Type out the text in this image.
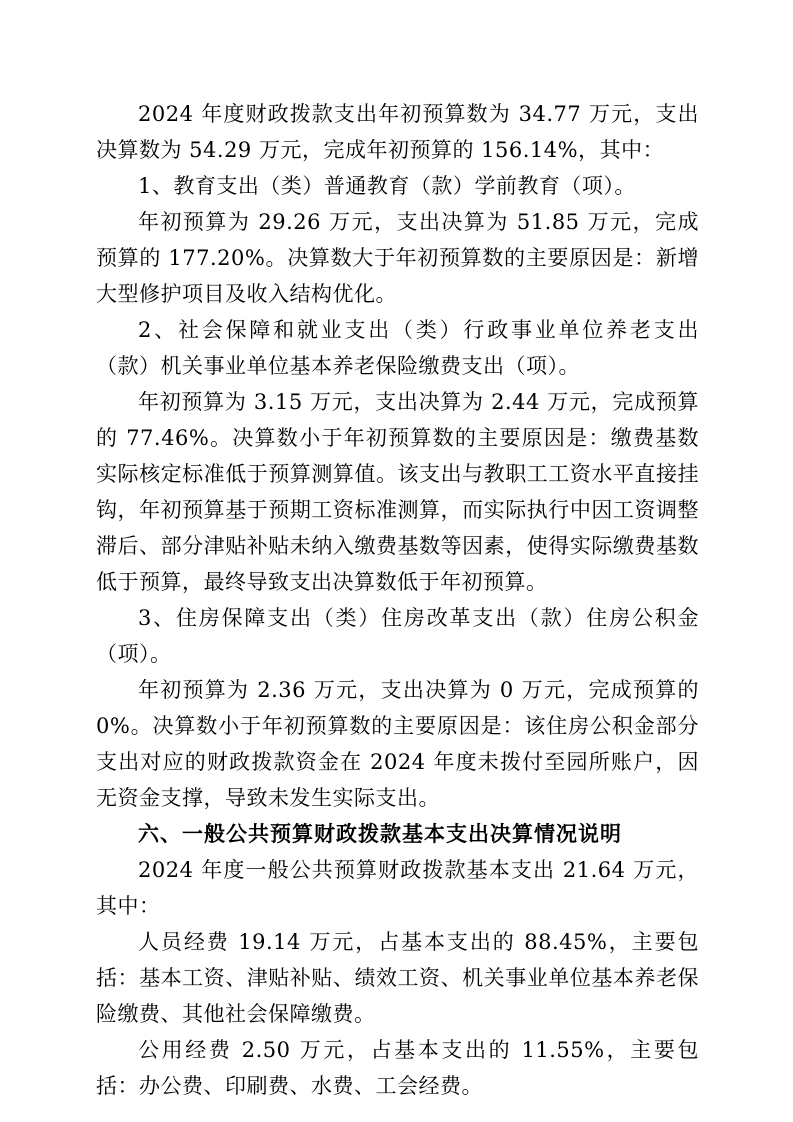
2024 年度财政拨款支出年初预算数为 34.77 万元，支出决算数为 54.29 万元，完成年初预算的 156.14%，其中：

1、教育支出（类）普通教育（款）学前教育（项）。

年初预算为 29.26 万元，支出决算为 51.85 万元，完成预算的 177.20%。决算数大于年初预算数的主要原因是：新增大型修护项目及收入结构优化。

2、社会保障和就业支出（类）行政事业单位养老支出（款）机关事业单位基本养老保险缴费支出（项）。

年初预算为 3.15 万元，支出决算为 2.44 万元，完成预算的 77.46%。决算数小于年初预算数的主要原因是：缴费基数实际核定标准低于预算测算值。该支出与教职工工资水平直接挂钩，年初预算基于预期工资标准测算，而实际执行中因工资调整滞后、部分津贴补贴未纳入缴费基数等因素，使得实际缴费基数低于预算，最终导致支出决算数低于年初预算。

3、住房保障支出（类）住房改革支出（款）住房公积金（项）。

年初预算为 2.36 万元，支出决算为 0 万元，完成预算的 0%。决算数小于年初预算数的主要原因是：该住房公积金部分支出对应的财政拨款资金在 2024 年度未拨付至园所账户，因无资金支撑，导致未发生实际支出。

六、一般公共预算财政拨款基本支出决算情况说明

2024 年度一般公共预算财政拨款基本支出 21.64 万元，其中：

人员经费 19.14 万元，占基本支出的 88.45%，主要包括：基本工资、津贴补贴、绩效工资、机关事业单位基本养老保险缴费、其他社会保障缴费。

公用经费 2.50 万元，占基本支出的 11.55%，主要包括：办公费、印刷费、水费、工会经费。
